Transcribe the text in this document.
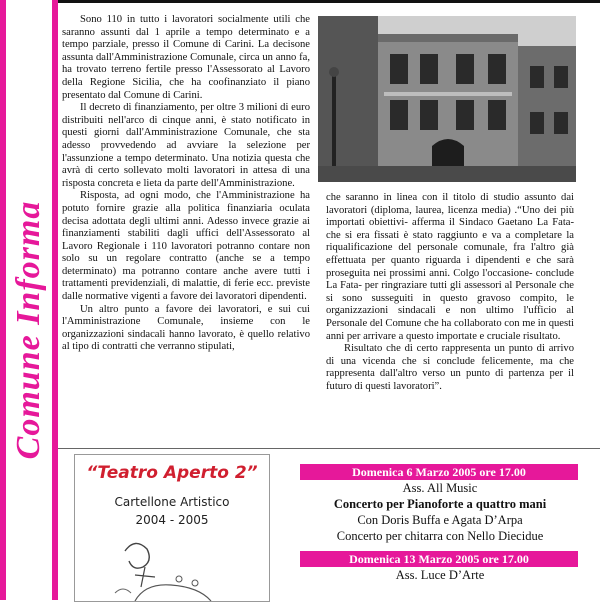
Comune Informa

Sono 110 in tutto i lavoratori socialmente utili che saranno assunti dal 1 aprile a tempo determinato e a tempo parziale, presso il Comune di Carini. La decisone assunta dall'Amministrazione Comunale, circa un anno fa, ha trovato terreno fertile presso l'Assessorato al Lavoro della Regione Sicilia, che ha coofinanziato il piano presentato dal Comune di Carini.

Il decreto di finanziamento, per oltre 3 milioni di euro distribuiti nell'arco di cinque anni, è stato notificato in questi giorni dall'Amministrazione Comunale, che sta adesso provvedendo ad avviare la selezione per l'assunzione a tempo determinato. Una notizia questa che avrà di certo sollevato molti lavoratori in attesa di una risposta concreta e lieta da parte dell'Amministrazione.

Risposta, ad ogni modo, che l'Amministrazione ha potuto fornire grazie alla politica finanziaria oculata decisa adottata degli ultimi anni. Adesso invece grazie ai finanziamenti stabiliti dagli uffici dell'Assessorato al Lavoro Regionale i 110 lavoratori potranno contare non solo su un regolare contratto (anche se a tempo determinato) ma potranno contare anche avere tutti i trattamenti previdenziali, di malattie, di ferie ecc. previste dalle normative vigenti a favore dei lavoratori dipendenti.

Un altro punto a favore dei lavoratori, e sui cui l'Amministrazione Comunale, insieme con le organizzazioni sindacali hanno lavorato, è quello relativo al tipo di contratti che verranno stipulati,

che saranno in linea con il titolo di studio assunto dai lavoratori (diploma, laurea, licenza media) .“Uno dei più importati obiettivi- afferma il Sindaco Gaetano La Fata- che si era fissati è stato raggiunto e va a completare la riqualificazione del personale comunale, fra l'altro già effettuata per quanto riguarda i dipendenti e che sarà proseguita nei prossimi anni. Colgo l'occasione- conclude La Fata- per ringraziare tutti gli assessori al Personale che si sono susseguiti in questo gravoso compito, le organizzazioni sindacali e non ultimo l'ufficio al Personale del Comune che ha collaborato con me in questi anni per arrivare a questo importate e cruciale risultato.

Risultato che di certo rappresenta un punto di arrivo di una vicenda che si conclude felicemente, ma che rappresenta dall'altro verso un punto di partenza per il futuro di questi lavoratori”.

“Teatro Aperto 2”
Cartellone Artistico
2004 - 2005
Domenica 6 Marzo 2005 ore 17.00
Ass. All Music
Concerto per Pianoforte a quattro mani
Con Doris Buffa e Agata D’Arpa
Concerto per chitarra con Nello Diecidue
Domenica 13 Marzo 2005 ore 17.00
Ass. Luce D’Arte
